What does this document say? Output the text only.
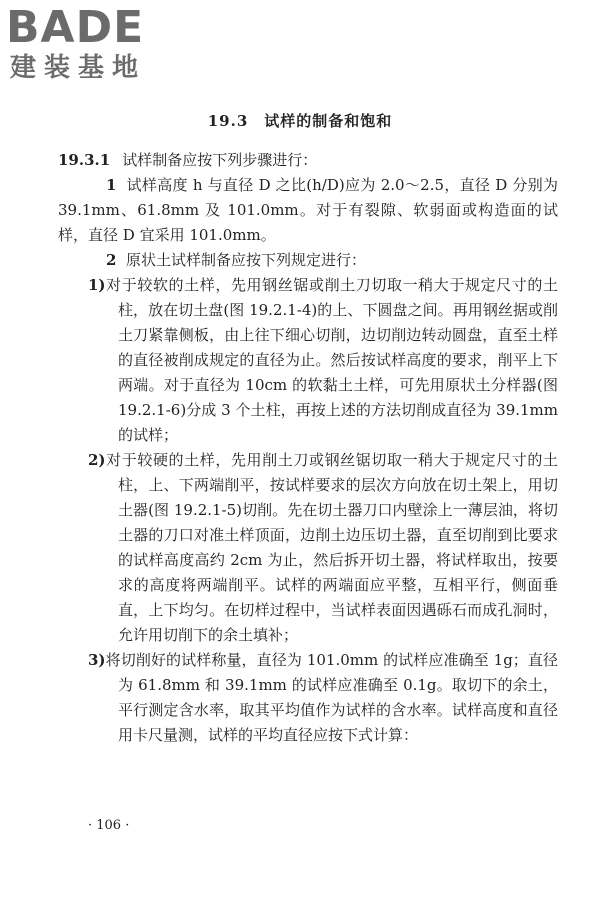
BADE
建装基地
19.3　试样的制备和饱和

19.3.1 试样制备应按下列步骤进行：

1 试样高度 h 与直径 D 之比(h/D)应为 2.0～2.5，直径 D 分别为 39.1mm、61.8mm 及 101.0mm。对于有裂隙、软弱面或构造面的试样，直径 D 宜采用 101.0mm。

2 原状土试样制备应按下列规定进行：

1)对于较软的土样，先用钢丝锯或削土刀切取一稍大于规定尺寸的土柱，放在切土盘(图 19.2.1-4)的上、下圆盘之间。再用钢丝据或削土刀紧靠侧板，由上往下细心切削，边切削边转动圆盘，直至土样的直径被削成规定的直径为止。然后按试样高度的要求，削平上下两端。对于直径为 10cm 的软黏土土样，可先用原状土分样器(图 19.2.1-6)分成 3 个土柱，再按上述的方法切削成直径为 39.1mm 的试样；

2)对于较硬的土样，先用削土刀或钢丝锯切取一稍大于规定尺寸的土柱，上、下两端削平，按试样要求的层次方向放在切土架上，用切土器(图 19.2.1-5)切削。先在切土器刀口内壁涂上一薄层油，将切土器的刀口对准土样顶面，边削土边压切土器，直至切削到比要求的试样高度高约 2cm 为止，然后拆开切土器，将试样取出，按要求的高度将两端削平。试样的两端面应平整，互相平行，侧面垂直，上下均匀。在切样过程中，当试样表面因遇砾石而成孔洞时，允许用切削下的余土填补；

3)将切削好的试样称量，直径为 101.0mm 的试样应准确至 1g；直径为 61.8mm 和 39.1mm 的试样应准确至 0.1g。取切下的余土，平行测定含水率，取其平均值作为试样的含水率。试样高度和直径用卡尺量测，试样的平均直径应按下式计算：

· 106 ·
